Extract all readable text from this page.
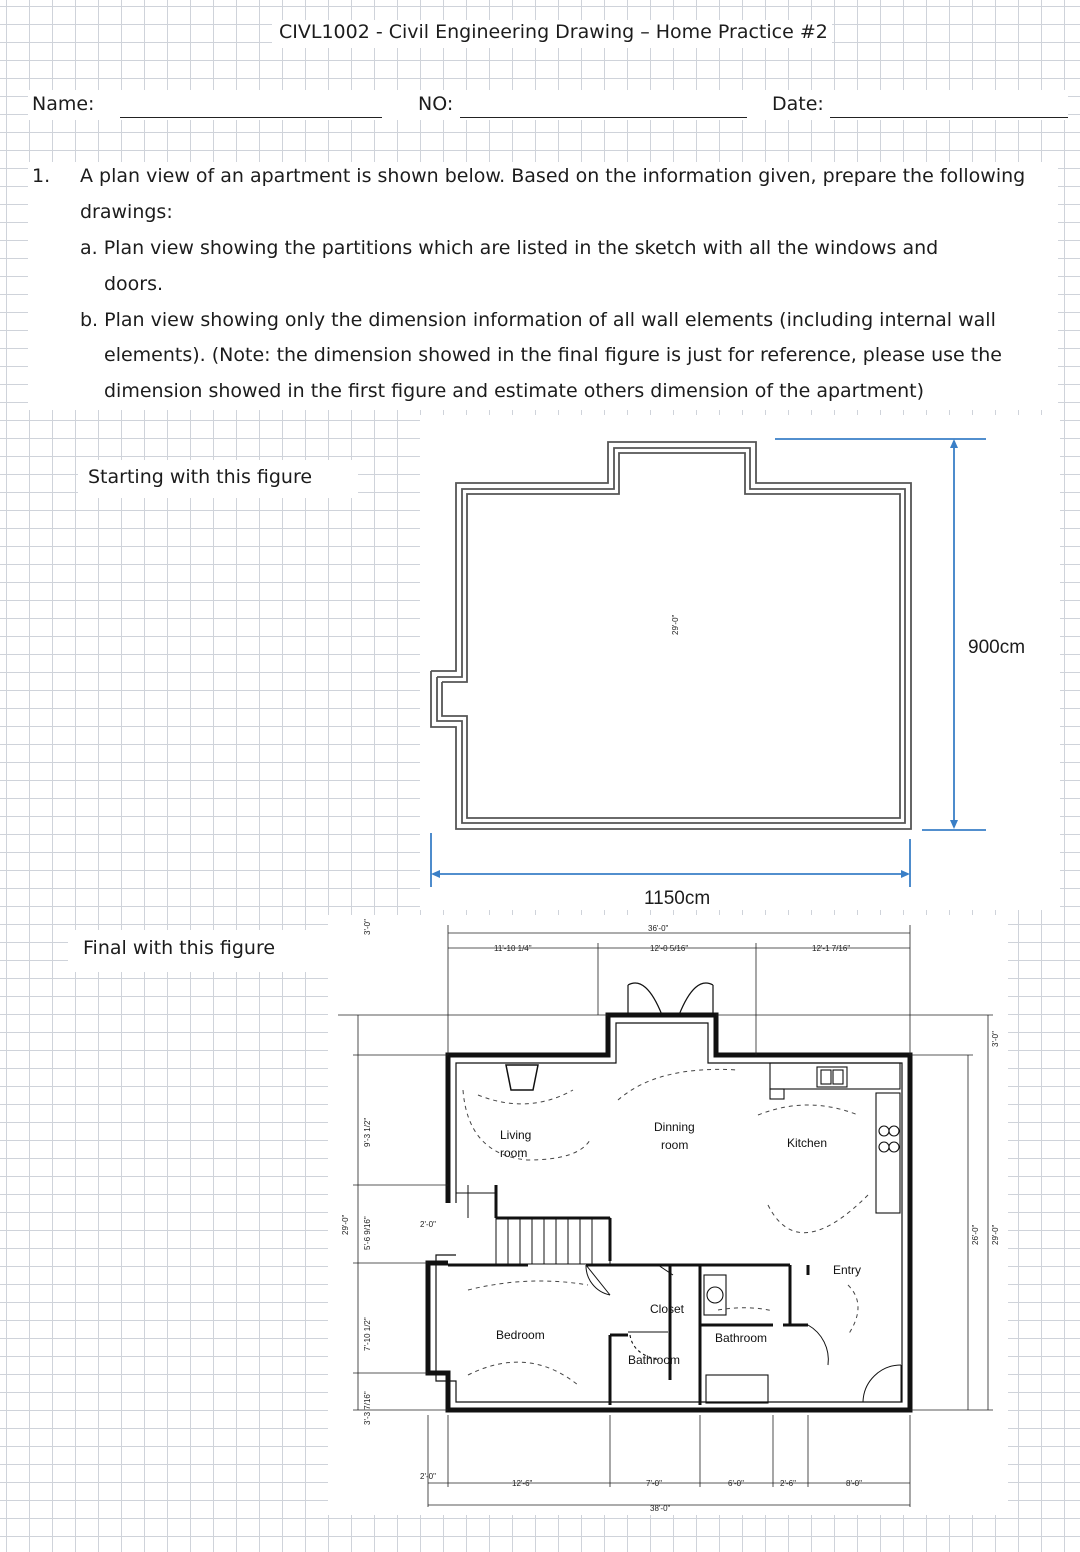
CIVL1002 - Civil Engineering Drawing – Home Practice #2
Name:	NO:	Date:
1. A plan view of an apartment is shown below. Based on the information given, prepare the following
drawings:
a. Plan view showing the partitions which are listed in the sketch with all the windows and
doors.
b. Plan view showing only the dimension information of all wall elements (including internal wall
elements). (Note: the dimension showed in the final figure is just for reference, please use the
dimension showed in the first figure and estimate others dimension of the apartment)
Starting with this figure
900cm
1150cm
Final with this figure
36'-0"
11'-10 1/4"	12'-0 5/16"	12'-1 7/16"
29'-0"
3'-0"
9'-3 1/2"
5'-6 9/16"
7'-10 1/2"
3'-3 7/16"
29'-0"	2'-0"
3'-0"
26'-0" 29'-0"
2'-0"
12'-6"	7'-0"	6'-0"	2'-6"	8'-0"
38'-0"
Living
room
Dinning
room	Kitchen
Entry
Closet
Bedroom
Bathroom
Bathroom
